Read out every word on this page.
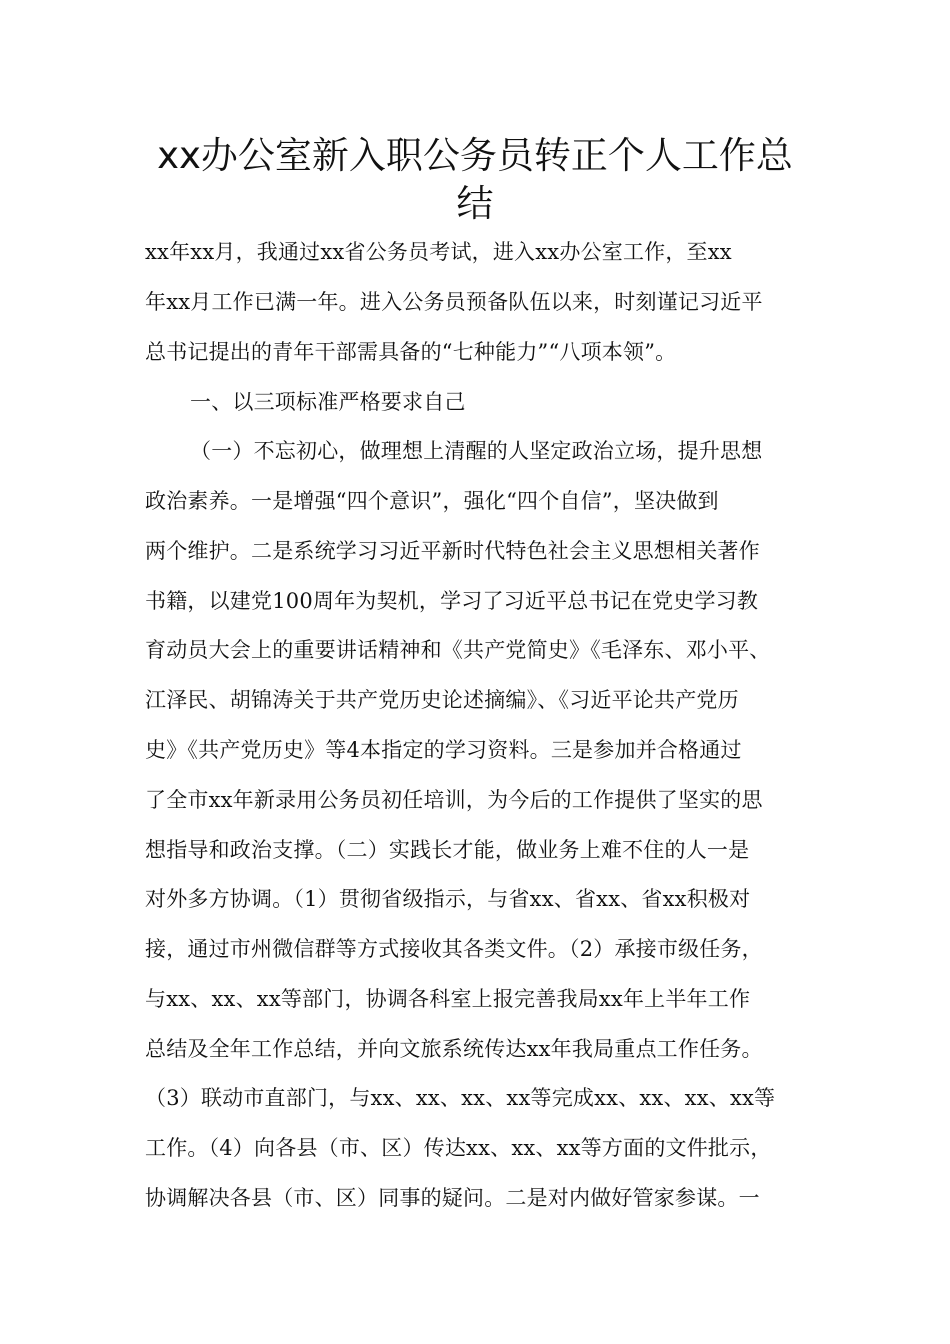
xx办公室新入职公务员转正个人工作总
结
xx年xx月，我通过xx省公务员考试，进入xx办公室工作，至xx
年xx月工作已满一年。进入公务员预备队伍以来，时刻谨记习近平
总书记提出的青年干部需具备的“七种能力”“八项本领”。
一、以三项标准严格要求自己
（一）不忘初心，做理想上清醒的人坚定政治立场，提升思想
政治素养。一是增强“四个意识”，强化“四个自信”，坚决做到
两个维护。二是系统学习习近平新时代特色社会主义思想相关著作
书籍，以建党100周年为契机，学习了习近平总书记在党史学习教
育动员大会上的重要讲话精神和《共产党简史》《毛泽东、邓小平、
江泽民、胡锦涛关于共产党历史论述摘编》、《习近平论共产党历
史》《共产党历史》等4本指定的学习资料。三是参加并合格通过
了全市xx年新录用公务员初任培训，为今后的工作提供了坚实的思
想指导和政治支撑。（二）实践长才能，做业务上难不住的人一是
对外多方协调。（1）贯彻省级指示，与省xx、省xx、省xx积极对
接，通过市州微信群等方式接收其各类文件。（2）承接市级任务，
与xx、xx、xx等部门，协调各科室上报完善我局xx年上半年工作
总结及全年工作总结，并向文旅系统传达xx年我局重点工作任务。
（3）联动市直部门，与xx、xx、xx、xx等完成xx、xx、xx、xx等
工作。（4）向各县（市、区）传达xx、xx、xx等方面的文件批示，
协调解决各县（市、区）同事的疑问。二是对内做好管家参谋。一
